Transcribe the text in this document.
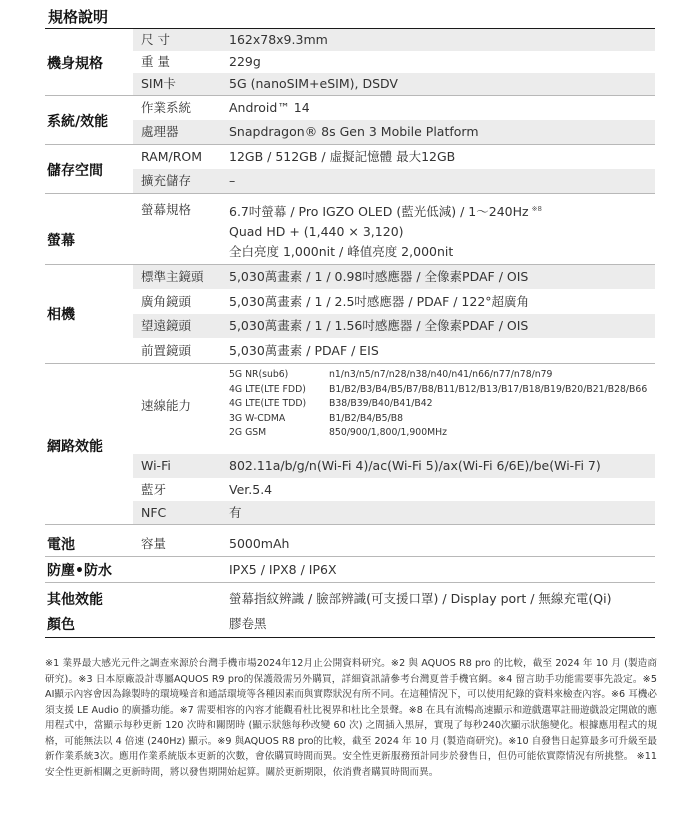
規格說明
機身規格
尺 寸	162x78x9.3mm
重 量	229g
SIM卡	5G (nanoSIM+eSIM), DSDV
系統/效能
作業系統	Android™ 14
處理器	Snapdragon® 8s Gen 3 Mobile Platform
儲存空間
RAM/ROM 12GB / 512GB / 虛擬記憶體 最大12GB
擴充儲存	–
螢幕
螢幕規格	6.7吋螢幕 / Pro IGZO OLED (藍光低減) / 1〜240Hz $^{※8}$
Quad HD + (1,440 × 3,120)
全白亮度 1,000nit / 峰值亮度 2,000nit
相機
標準主鏡頭 5,030萬畫素 / 1 / 0.98吋感應器 / 全像素PDAF / OIS
廣角鏡頭	5,030萬畫素 / 1 / 2.5吋感應器 / PDAF / 122°超廣角
望遠鏡頭	5,030萬畫素 / 1 / 1.56吋感應器 / 全像素PDAF / OIS
前置鏡頭	5,030萬畫素 / PDAF / EIS
網路效能
速線能力
5G NR(sub6)	n1/n3/n5/n7/n28/n38/n40/n41/n66/n77/n78/n79
4G LTE(LTE FDD)	B1/B2/B3/B4/B5/B7/B8/B11/B12/B13/B17/B18/B19/B20/B21/B28/B66
4G LTE(LTE TDD)	B38/B39/B40/B41/B42
3G W-CDMA	B1/B2/B4/B5/B8
2G GSM	850/900/1,800/1,900MHz
Wi-Fi	802.11a/b/g/n(Wi-Fi 4)/ac(Wi-Fi 5)/ax(Wi-Fi 6/6E)/be(Wi-Fi 7)
藍牙	Ver.5.4
NFC	有
電池	容量	5000mAh
防塵•防水	IPX5 / IPX8 / IP6X
其他效能	螢幕指紋辨識 / 臉部辨識(可支援口罩) / Display port / 無線充電(Qi)
顏色	膠卷黑
※1 業界最大感光元件之調查來源於台灣手機市場2024年12月止公開資料研究。※2 與 AQUOS R8 pro 的比較，截至 2024 年 10 月 (製造商研究)。※3 日本原廠設計專屬AQUOS R9 pro的保護殼需另外購買，詳細資訊請參考台灣夏普手機官網。※4 留言助手功能需要事先設定。※5 AI顯示內容會因為錄製時的環境噪音和通話環境等各種因素而與實際狀況有所不同。在這種情況下，可以使用紀錄的資料來檢查內容。※6 耳機必須支援 LE Audio 的廣播功能。※7 需要相容的內容才能觀看杜比視界和杜比全景聲。※8 在具有流暢高速顯示和遊戲選單註冊遊戲設定開啟的應用程式中，當顯示每秒更新 120 次時和關閉時 (顯示狀態每秒改變 60 次) 之間插入黑屏，實現了每秒240次顯示狀態變化。根據應用程式的規格，可能無法以 4 倍速 (240Hz) 顯示。※9 與AQUOS R8 pro的比較，截至 2024 年 10 月 (製造商研究)。※10 自發售日起算最多可升級至最新作業系統3次。應用作業系統版本更新的次數，會依購買時間而異。安全性更新服務預計同步於發售日，但仍可能依實際情況有所挑整。 ※11 安全性更新相關之更新時間，將以發售期開始起算。關於更新期限，依消費者購買時間而異。
